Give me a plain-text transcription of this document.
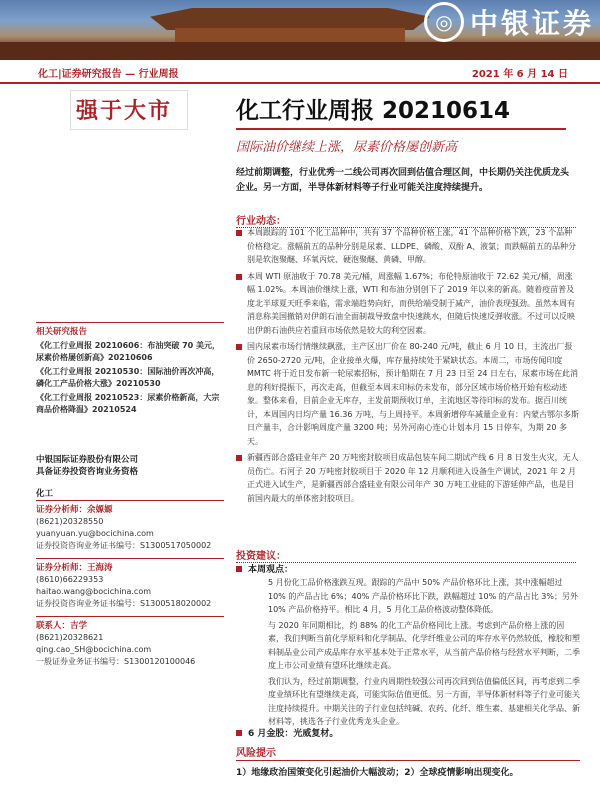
◎ 中银证券
化工|证券研究报告 — 行业周报	2021 年 6 月 14 日
强于大市	化工行业周报 20210614
国际油价继续上涨，尿素价格屡创新高
经过前期调整，行业优秀一二线公司再次回到估值合理区间，中长期仍关注优质龙头企业。另一方面，半导体新材料等子行业可能关注度持续提升。
行业动态：

本周跟踪的 101 个化工品种中，共有 37 个品种价格上涨，41 个品种价格下跌，23 个品种价格稳定。涨幅前五的品种分别是尿素、LLDPE、磷酸、双酚 A、液氯；而跌幅前五的品种分别是软泡聚醚、环氧丙烷、硬泡聚醚、黄磷、甲醇。

本周 WTI 原油收于 70.78 美元/桶，周涨幅 1.67%；布伦特原油收于 72.62 美元/桶，周涨幅 1.02%。本周油价继续上涨，WTI 和布油分别创下了 2019 年以来的新高。随着疫苗普及度北半球夏天旺季来临，需求端趋势向好，而供给端受制于减产，油价表现强劲。虽然本周有消息称美国撤销对伊朗石油全面制裁导致盘中快速跳水，但随后快速反弹收涨。不过可以反映出伊朗石油供应若重回市场依然是较大的利空因素。

国内尿素市场行情继续飙涨，主产区出厂价在 80-240 元/吨，截止 6 月 10 日，主流出厂报价 2650-2720 元/吨，企业接单火爆，库存量持续处于紧缺状态。本周二，市场传闻印度 MMTC 将于近日发布新一轮尿素招标，预计船期在 7 月 23 日至 24 日左右，尿素市场在此消息的利好提振下，再次走高，但截至本周末印标仍未发布，部分区域市场价格开始有松动迹象。整体来看，目前企业无库存，主发前期预收订单，主流地区等待印标的发布。据百川统计，本周国内日均产量 16.36 万吨，与上周持平。本周新增停车减量企业有：内蒙古鄂尔多斯日产量丰，合计影响周度产量 3200 吨；另外河南心连心计划本月 15 日停车，为期 20 多天。

新疆西部合盛硅业年产 20 万吨密封胶项目成品包装车间二期试产线 6 月 8 日发生火灾，无人员伤亡。石河子 20 万吨密封胶项目于 2020 年 12 月顺利进入设备生产调试，2021 年 2 月正式进入试生产，是新疆西部合盛硅业有限公司年产 30 万吨工业硅的下游延伸产品，也是目前国内最大的单体密封胶项目。

投资建议：
本周观点：

5 月份化工品价格涨跌互现。跟踪的产品中 50% 产品价格环比上涨，其中涨幅超过 10% 的产品占比 6%；40% 产品价格环比下跌，跌幅超过 10% 的产品占比 3%；另外 10% 产品价格持平。相比 4 月，5 月化工品价格波动整体降低。

与 2020 年同期相比，约 88% 的化工产品价格同比上涨。考虑到产品价格上涨的因素，我们判断当前化学原料和化学制品、化学纤维业公司的库存水平仍然较低，橡胶和塑料制品业公司产成品库存水平基本处于正常水平，从当前产品价格与经营水平判断，二季度上市公司业绩有望环比继续走高。

我们认为，经过前期调整，行业内周期性较强公司再次回到估值偏低区间，再考虑到二季度业绩环比有望继续走高，可能实际估值更低。另一方面，半导体新材料等子行业可能关注度持续提升。中期关注的子行业包括纯碱、农药、化纤、维生素、基建相关化学品、新材料等，挑选各子行业优秀龙头企业。

6 月金股：光威复材。
风险提示
1）地缘政治国策变化引起油价大幅波动；2）全球疫情影响出现变化。
相关研究报告
《化工行业周报 20210606：布油突破 70 美元，尿素价格屡创新高》20210606
《化工行业周报 20210530：国际油价再次冲高，磷化工产品价格大涨》20210530
《化工行业周报 20210523：尿素价格新高，大宗商品价格降温》20210524
中银国际证券股份有限公司
具备证券投资咨询业务资格
化工
证券分析师：余嫄嫄
(8621)20328550
yuanyuan.yu@bocichina.com
证券投资咨询业务证书编号：S1300517050002
证券分析师：王海涛
(8610)66229353
haitao.wang@bocichina.com
证券投资咨询业务证书编号：S1300518020002
联系人：吉学
(8621)20328621
qing.cao_SH@bocichina.com
一般证券业务证书编号：S1300120100046
